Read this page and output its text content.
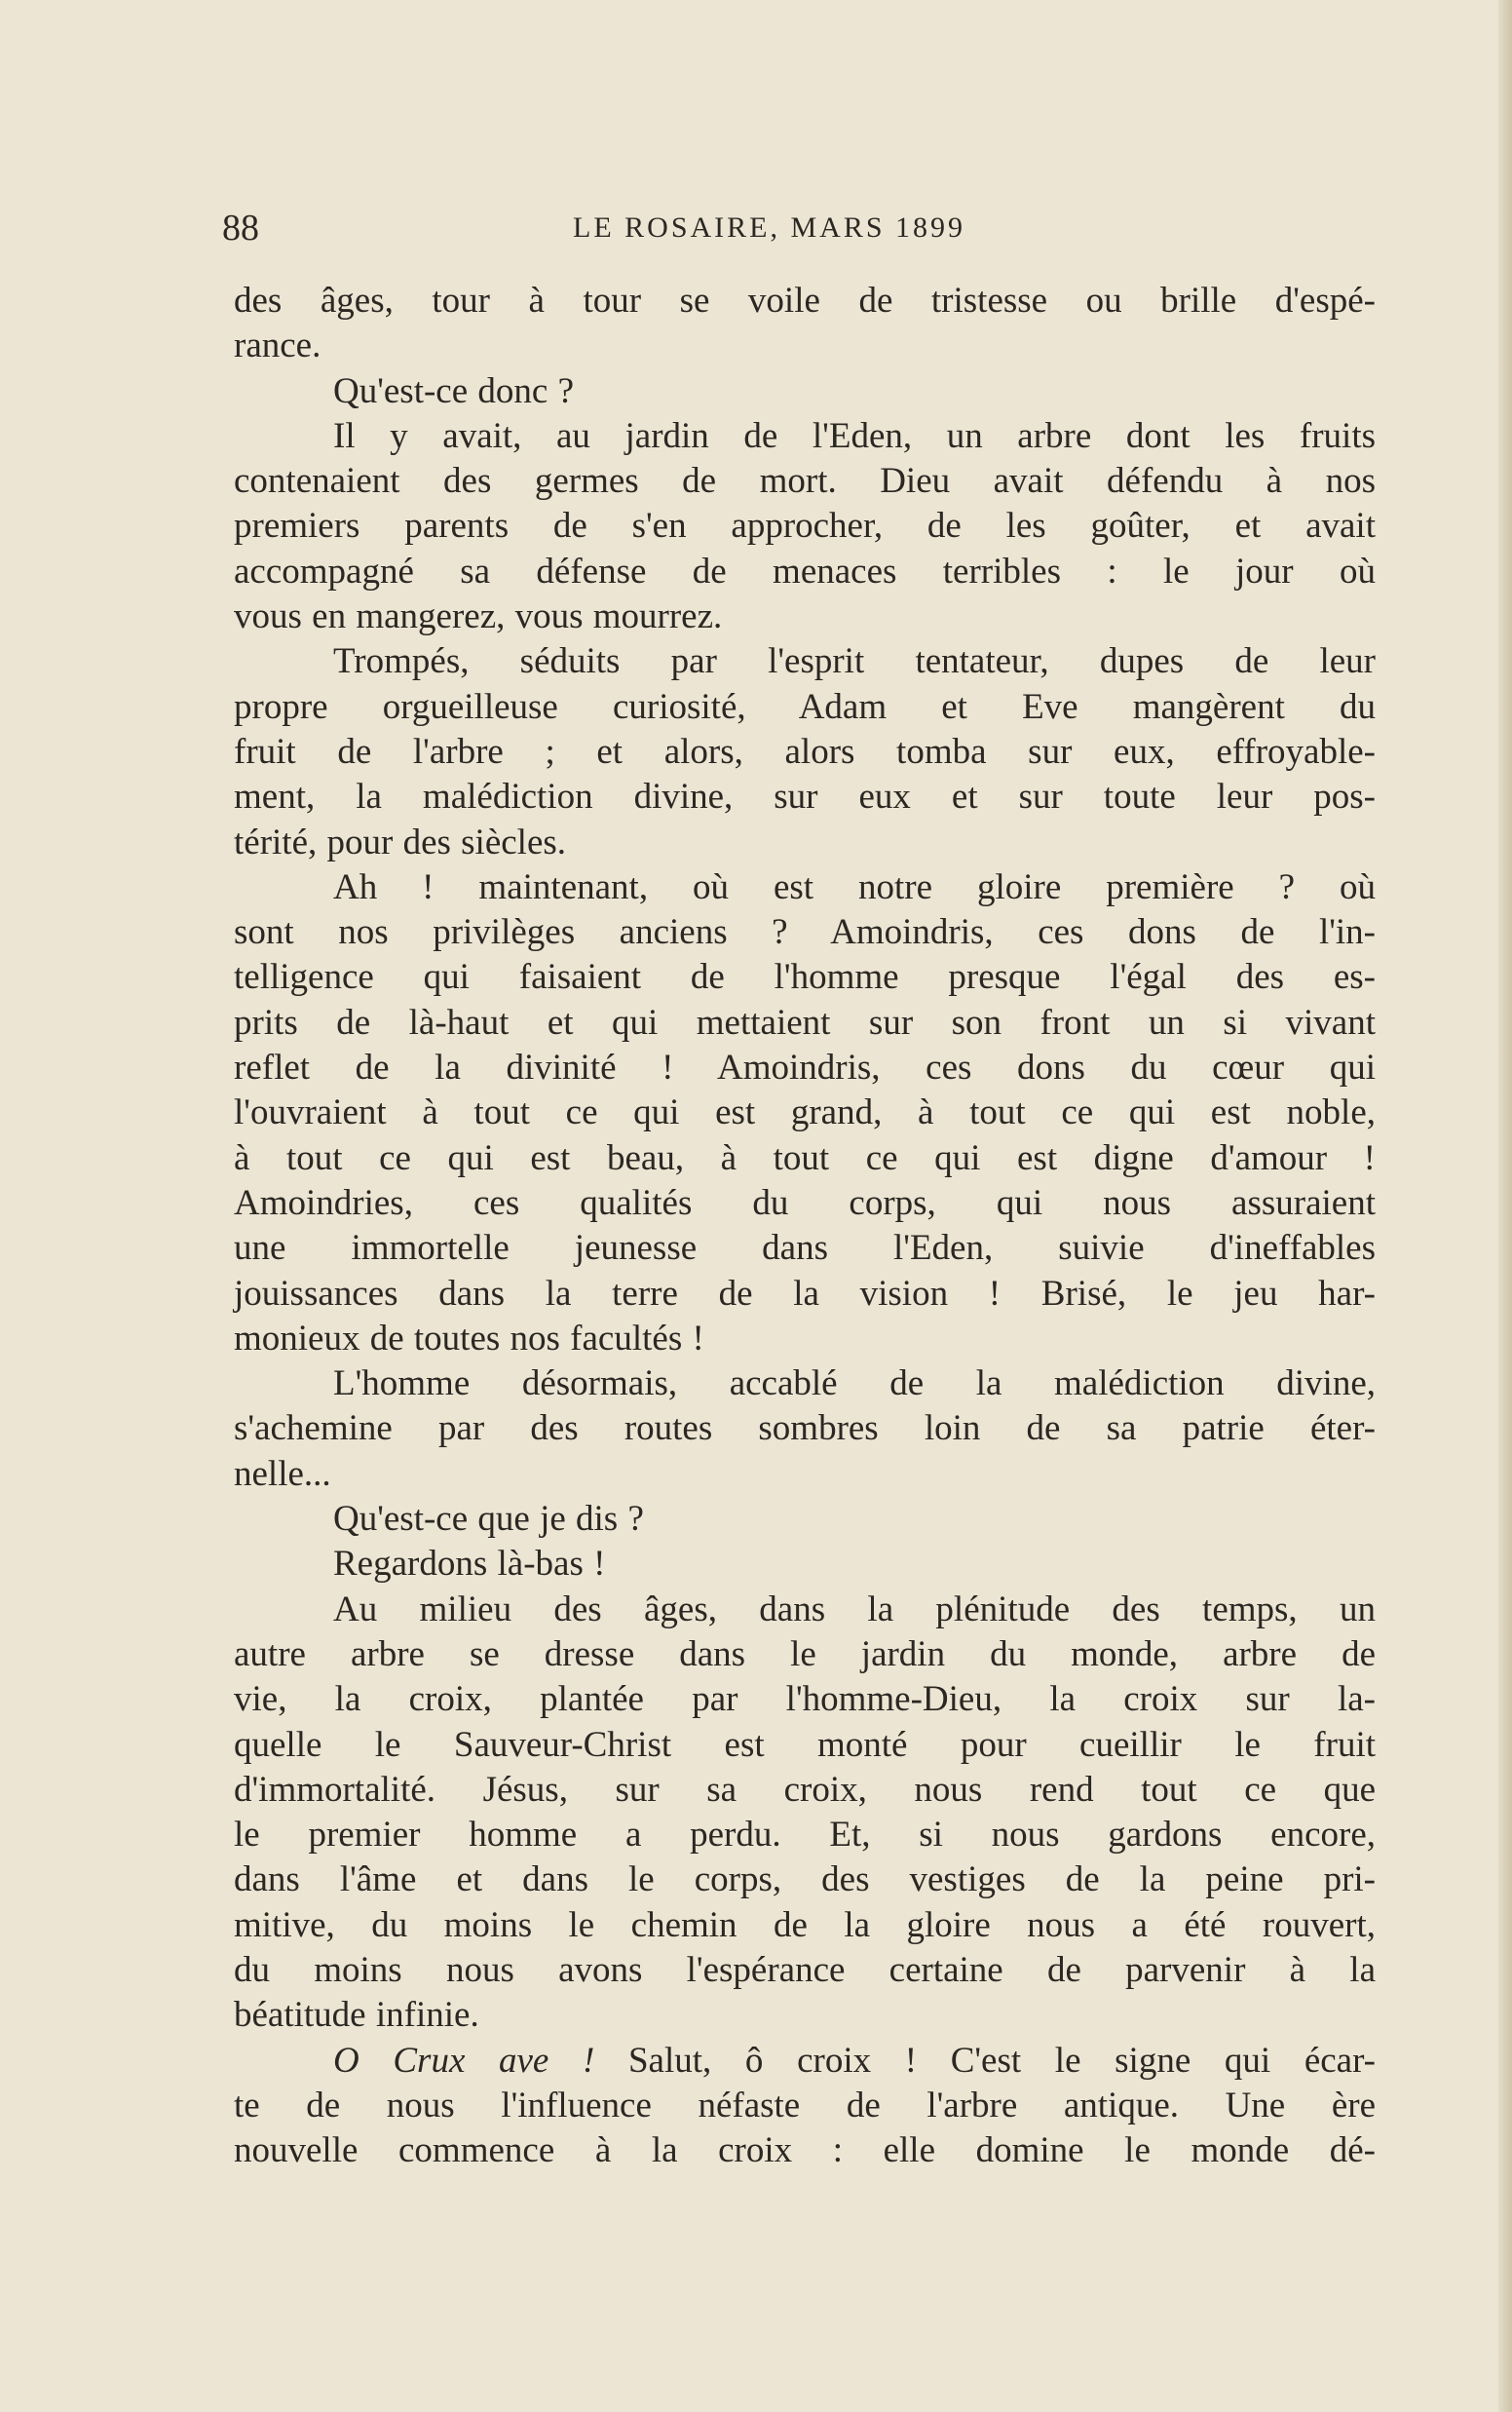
88	LE ROSAIRE, MARS 1899
des âges, tour à tour se voile de tristesse ou brille d'espé-
rance.
Qu'est-ce donc ?
Il y avait, au jardin de l'Eden, un arbre dont les fruits
contenaient des germes de mort. Dieu avait défendu à nos
premiers parents de s'en approcher, de les goûter, et avait
accompagné sa défense de menaces terribles : le jour où
vous en mangerez, vous mourrez.
Trompés, séduits par l'esprit tentateur, dupes de leur
propre orgueilleuse curiosité, Adam et Eve mangèrent du
fruit de l'arbre ; et alors, alors tomba sur eux, effroyable-
ment, la malédiction divine, sur eux et sur toute leur pos-
térité, pour des siècles.
Ah ! maintenant, où est notre gloire première ? où
sont nos privilèges anciens ? Amoindris, ces dons de l'in-
telligence qui faisaient de l'homme presque l'égal des es-
prits de là-haut et qui mettaient sur son front un si vivant
reflet de la divinité ! Amoindris, ces dons du cœur qui
l'ouvraient à tout ce qui est grand, à tout ce qui est noble,
à tout ce qui est beau, à tout ce qui est digne d'amour !
Amoindries, ces qualités du corps, qui nous assuraient
une immortelle jeunesse dans l'Eden, suivie d'ineffables
jouissances dans la terre de la vision ! Brisé, le jeu har-
monieux de toutes nos facultés !
L'homme désormais, accablé de la malédiction divine,
s'achemine par des routes sombres loin de sa patrie éter-
nelle...
Qu'est-ce que je dis ?
Regardons là-bas !
Au milieu des âges, dans la plénitude des temps, un
autre arbre se dresse dans le jardin du monde, arbre de
vie, la croix, plantée par l'homme-Dieu, la croix sur la-
quelle le Sauveur-Christ est monté pour cueillir le fruit
d'immortalité. Jésus, sur sa croix, nous rend tout ce que
le premier homme a perdu. Et, si nous gardons encore,
dans l'âme et dans le corps, des vestiges de la peine pri-
mitive, du moins le chemin de la gloire nous a été rouvert,
du moins nous avons l'espérance certaine de parvenir à la
béatitude infinie.
O Crux ave ! Salut, ô croix ! C'est le signe qui écar-
te de nous l'influence néfaste de l'arbre antique. Une ère
nouvelle commence à la croix : elle domine le monde dé-
